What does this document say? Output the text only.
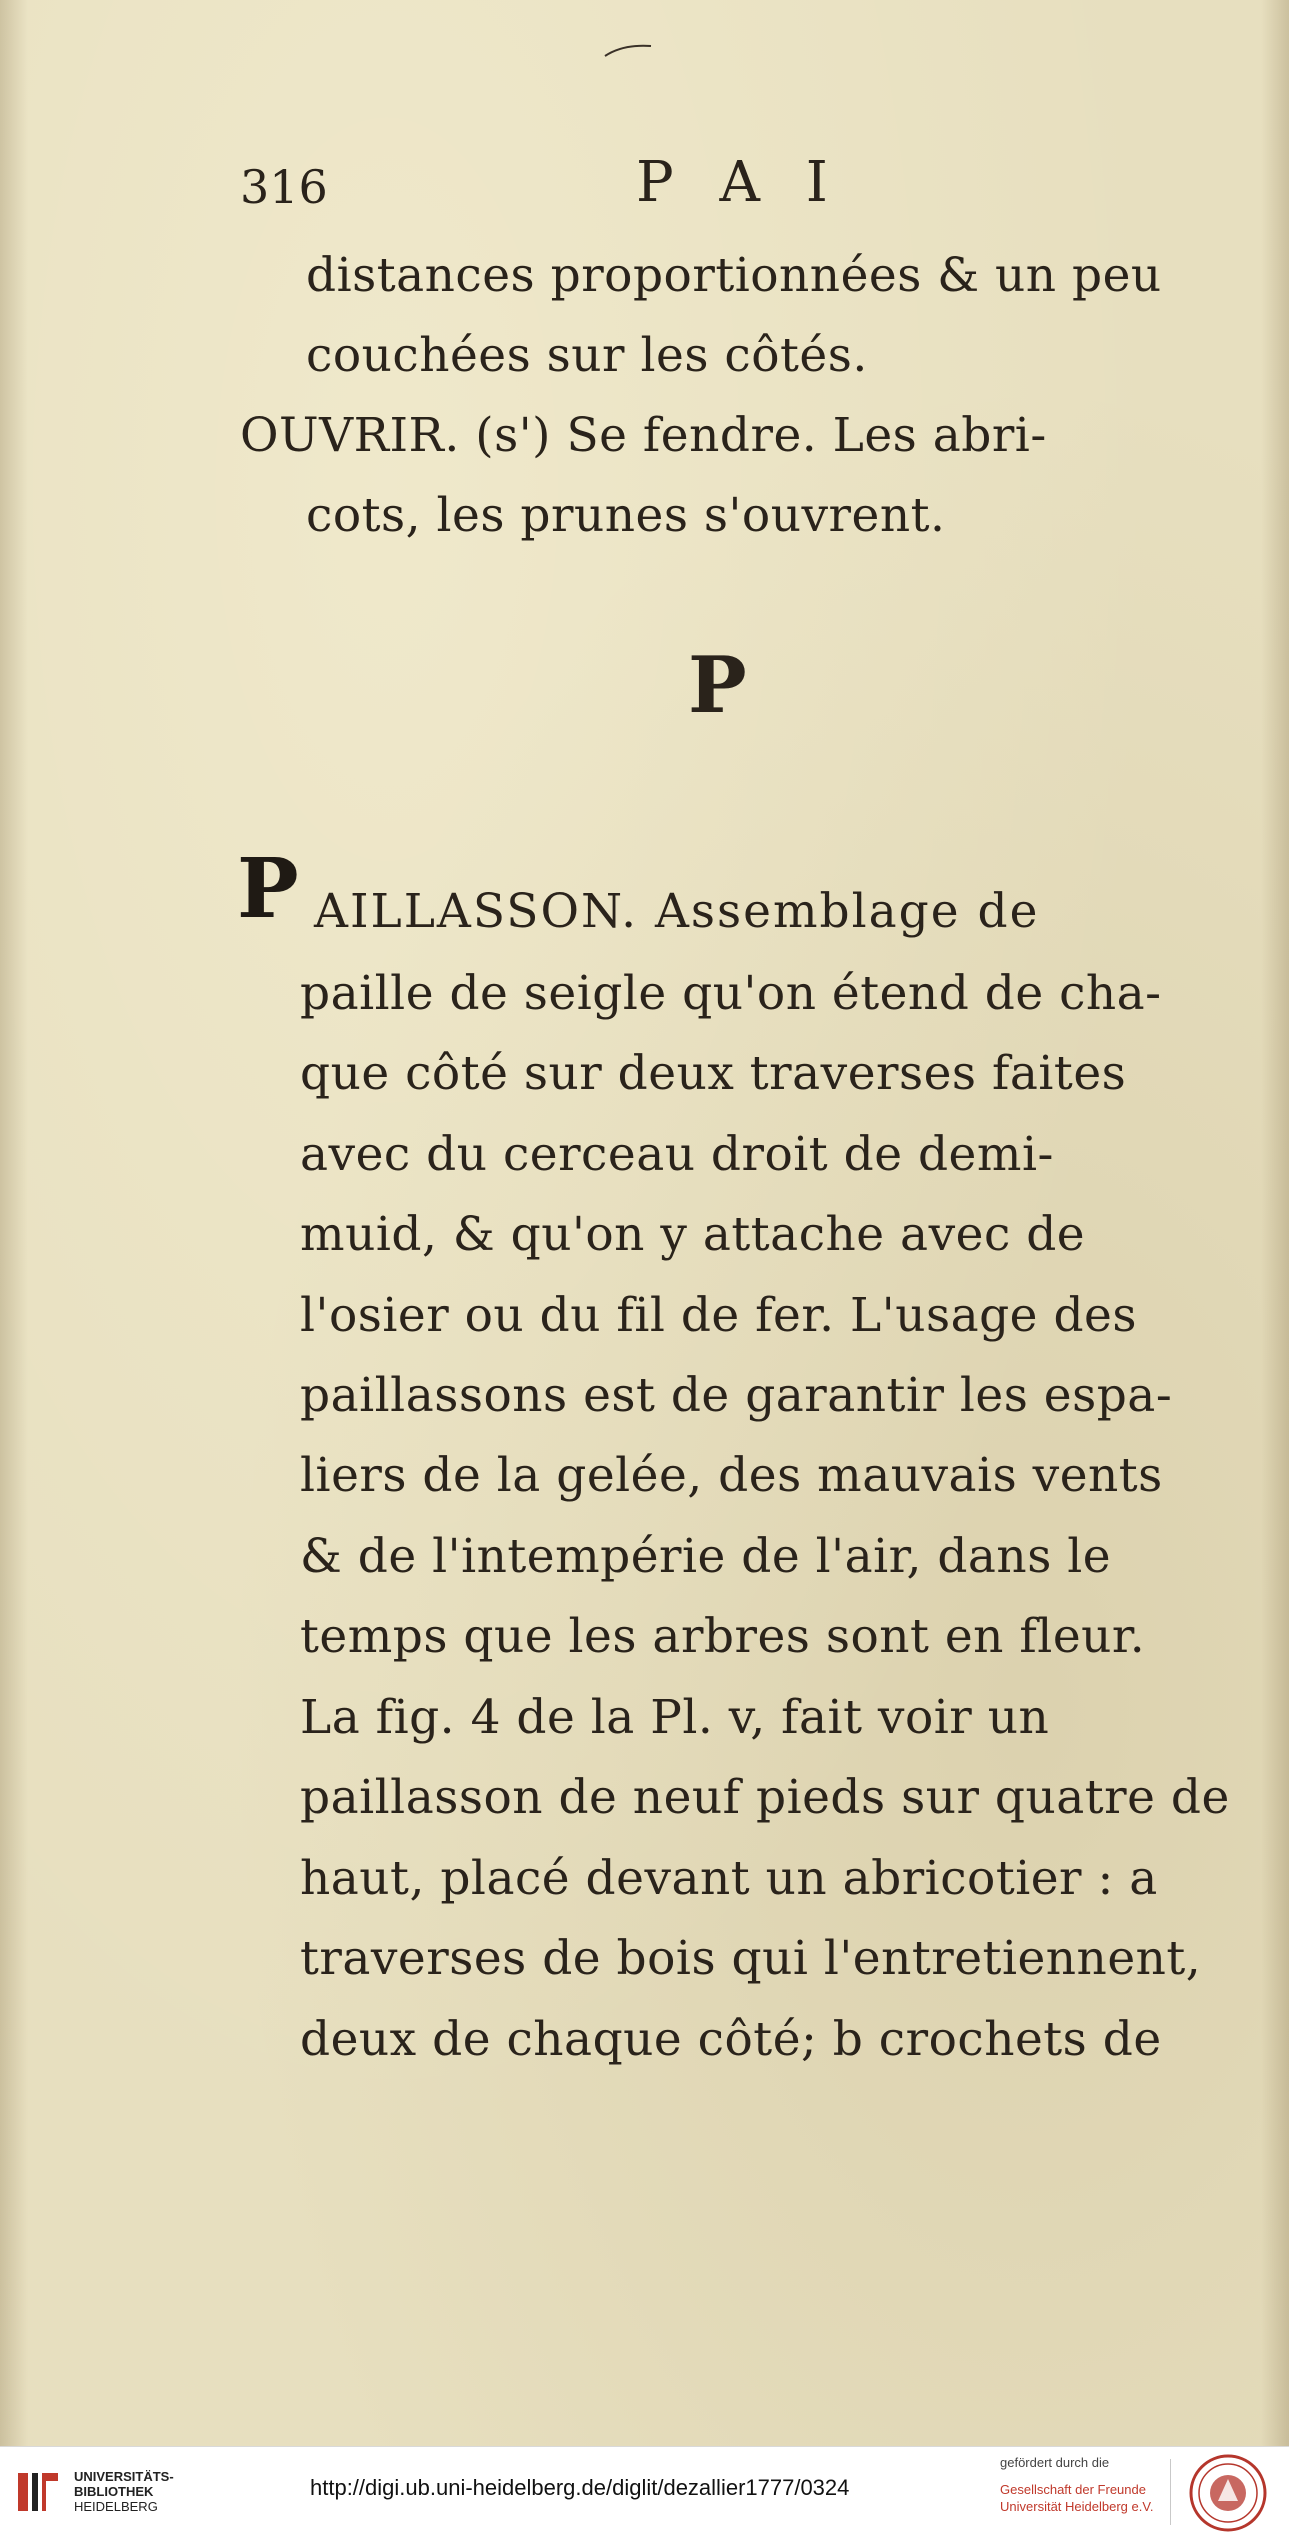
316	P A I
distances proportionnées & un peu
couchées sur les côtés.
OUVRIR. (s') Se fendre. Les abri-
cots, les prunes s'ouvrent.
P
P AILLASSON. Assemblage de
paille de seigle qu'on étend de cha-
que côté sur deux traverses faites
avec du cerceau droit de demi-
muid, & qu'on y attache avec de
l'osier ou du fil de fer. L'usage des
paillassons est de garantir les espa-
liers de la gelée, des mauvais vents
& de l'intempérie de l'air, dans le
temps que les arbres sont en fleur.
La fig. 4 de la Pl. v, fait voir un
paillasson de neuf pieds sur quatre de
haut, placé devant un abricotier : a
traverses de bois qui l'entretiennent,
deux de chaque côté; b crochets de
UNIVERSITÄTS-
BIBLIOTHEK
HEIDELBERG
http://digi.ub.uni-heidelberg.de/diglit/dezallier1777/0324
gefördert durch die
Gesellschaft der Freunde
Universität Heidelberg e.V.
